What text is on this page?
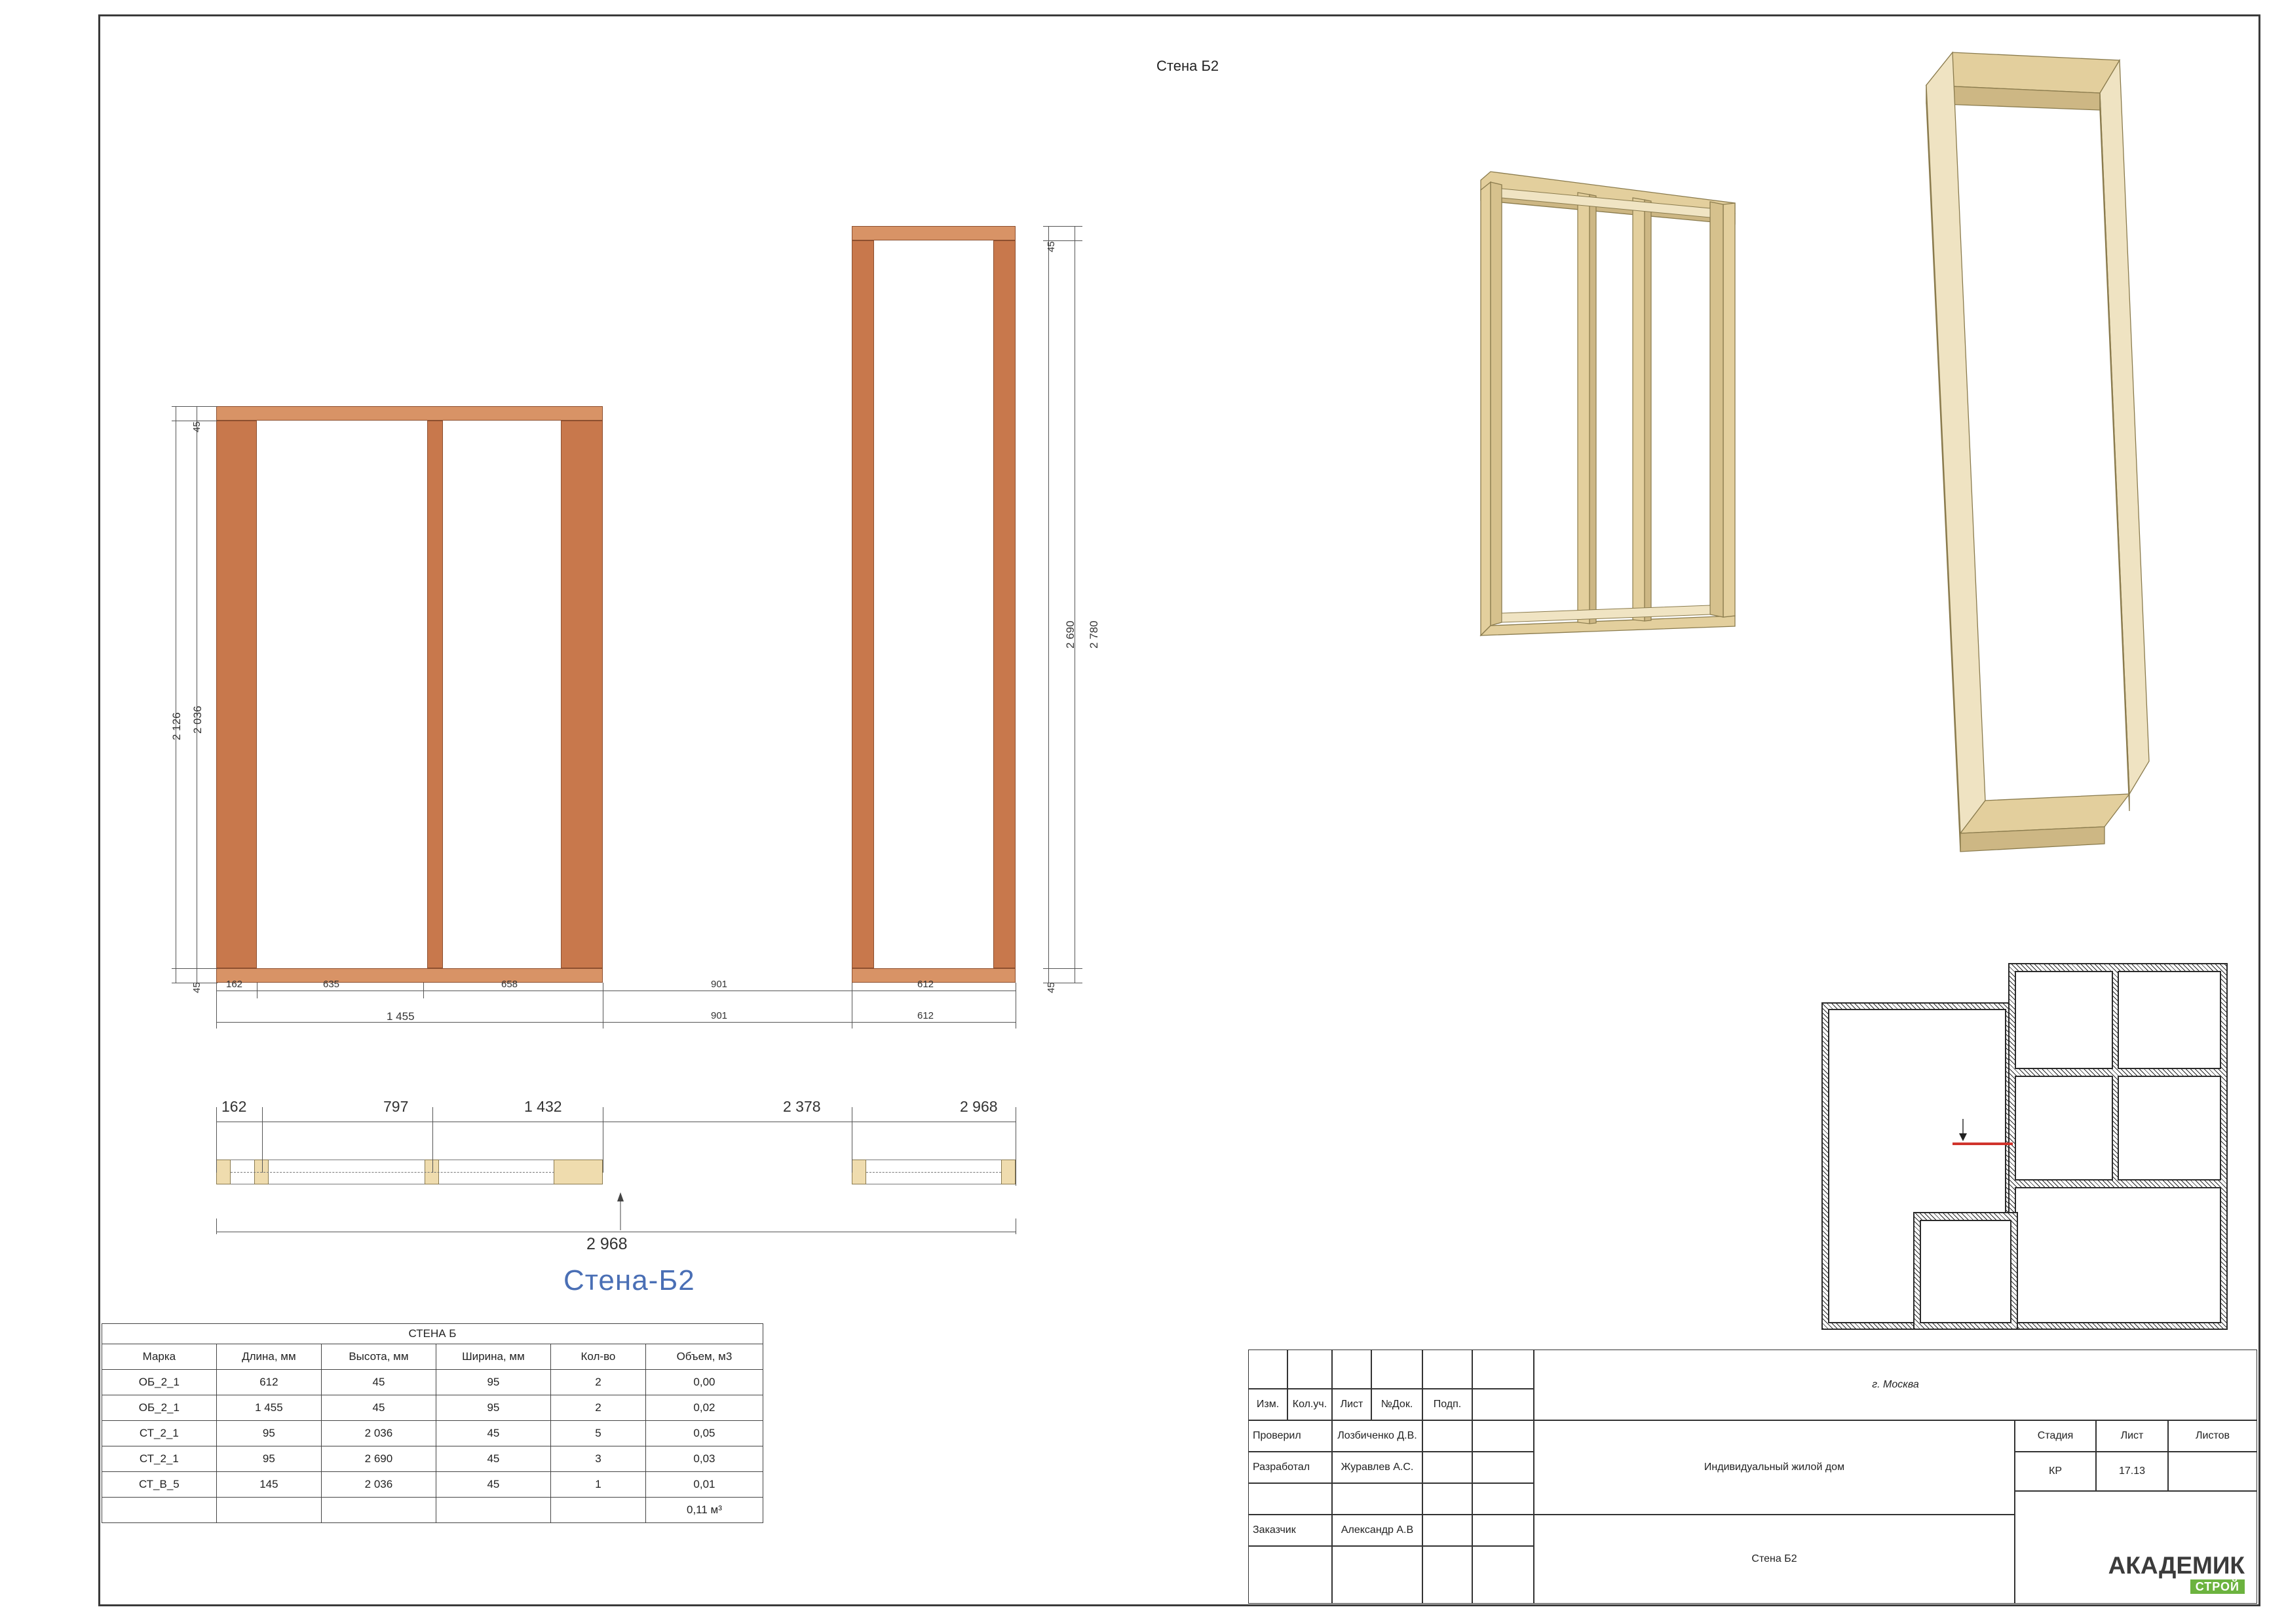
Стена Б2
45
2 036
2 126
45 162	635	658
1 455
901
901
45
2 690 2 780
45
612
612
162	797	1 432	2 378	2 968
2 968
Стена-Б2
СТЕНА Б					
Марка	Длина, мм	Высота, мм	Ширина, мм	Кол-во	Объем, м3
ОБ_2_1	612	45	95	2	0,00
ОБ_2_1	1 455	45	95	2	0,02
СТ_2_1	95	2 036	45	5	0,05
СТ_2_1	95	2 690	45	3	0,03
СТ_В_5	145	2 036	45	1	0,01
					0,11 м³
Изм.	Кол.уч.	Лист	№Док.	Подп.
Проверил	Лозбиченко Д.В.
Разработал	Журавлев А.С.
Заказчик	Александр А.В
г. Москва
Индивидуальный жилой дом
Стена Б2
Стадия	Лист	Листов
КР	17.13
АКАДЕМИК
СТРОЙ
